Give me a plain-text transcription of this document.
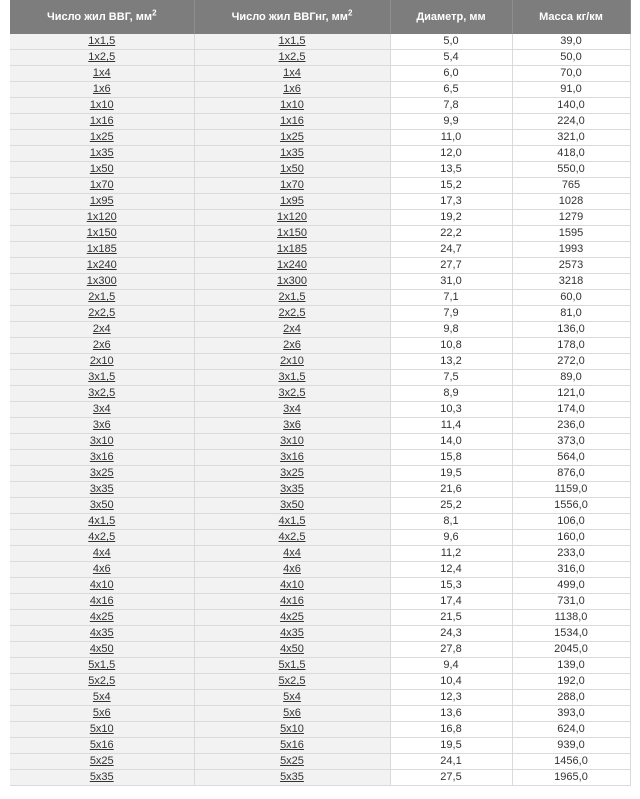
Число жил ВВГ, $мм^2$	Число жил ВВГнг, $мм^2$	Диаметр, мм	Масса кг/км
1x1,5	1x1,5	5,0	39,0
1x2,5	1x2,5	5,4	50,0
1x4	1x4	6,0	70,0
1x6	1x6	6,5	91,0
1x10	1x10	7,8	140,0
1x16	1x16	9,9	224,0
1x25	1x25	11,0	321,0
1x35	1x35	12,0	418,0
1x50	1x50	13,5	550,0
1x70	1x70	15,2	765
1x95	1x95	17,3	1028
1x120	1x120	19,2	1279
1x150	1x150	22,2	1595
1x185	1x185	24,7	1993
1x240	1x240	27,7	2573
1x300	1x300	31,0	3218
2x1,5	2x1,5	7,1	60,0
2x2,5	2x2,5	7,9	81,0
2x4	2x4	9,8	136,0
2x6	2x6	10,8	178,0
2x10	2x10	13,2	272,0
3x1,5	3x1,5	7,5	89,0
3x2,5	3x2,5	8,9	121,0
3x4	3x4	10,3	174,0
3x6	3x6	11,4	236,0
3x10	3x10	14,0	373,0
3x16	3x16	15,8	564,0
3x25	3x25	19,5	876,0
3x35	3x35	21,6	1159,0
3x50	3x50	25,2	1556,0
4x1,5	4x1,5	8,1	106,0
4x2,5	4x2,5	9,6	160,0
4x4	4x4	11,2	233,0
4x6	4x6	12,4	316,0
4x10	4x10	15,3	499,0
4x16	4x16	17,4	731,0
4x25	4x25	21,5	1138,0
4x35	4x35	24,3	1534,0
4x50	4x50	27,8	2045,0
5x1,5	5x1,5	9,4	139,0
5x2,5	5x2,5	10,4	192,0
5x4	5x4	12,3	288,0
5x6	5x6	13,6	393,0
5x10	5x10	16,8	624,0
5x16	5x16	19,5	939,0
5x25	5x25	24,1	1456,0
5x35	5x35	27,5	1965,0
